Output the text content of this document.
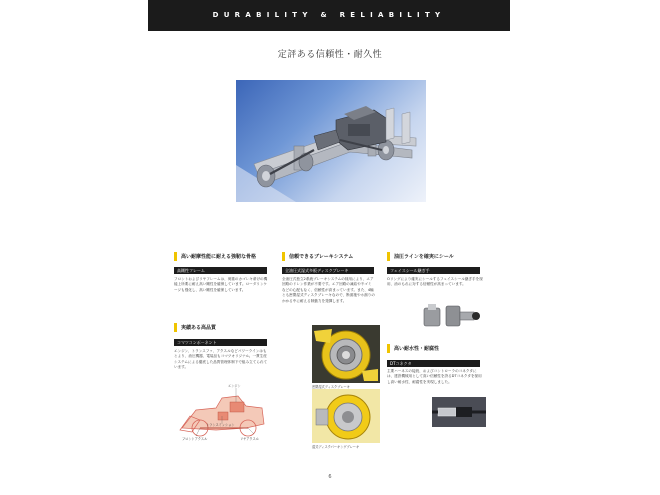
DURABILITY & RELIABILITY
定評ある信頼性・耐久性
高い耐摩性能に耐える強靭な骨格
高剛性フレーム
フロントおよびリヤフレームは、荷重のカゴレキ命げの機能上所要に耐え高い剛性を確保しています。ローダリンケージも強化し、高い剛性を確保しています。
実績ある高品質
コマツコンポーネント
エンジン、トランスファ、アクスルなどパワーラインはもとより、油圧機器、電装品もコマツオリジナル。一貫生産システムによる徹底した品質管理体制下で組み立てられています。
エンジン
トランスミッション
リヤアクスル
フロントアクスル
信頼できるブレーキシステム
全油圧式湿式多板ディスクブレーキ
全油圧式独立2系統ブレーキシステムの採用により、エア回路のドレン作業が不要です。エア回路の凍結や不ゴミなどの心配もなく、信頼性が高まっています。また、4輪とも密閉湿式ディスクブレーキなので、断面施やホ溜りのかかる中に耐える制動力を発揮します。
密閉湿式ディスクブレーキ
湿式ディスクパーキングブレーキ
油圧ラインを確実にシール
フェイスシール継ぎ手
Oリングにより確実にシールするフェイスシール継ぎ手を採用、油のもれに対する信頼性が高まっています。
高い耐水性・耐腐性
DTコネクタ
主要ハーネスの接続、およびコントローラのコネクタには、建設機械用として高い信頼性を誇るDTコネクタを採用し高い耐水性、耐腐性を実現しました。
6
